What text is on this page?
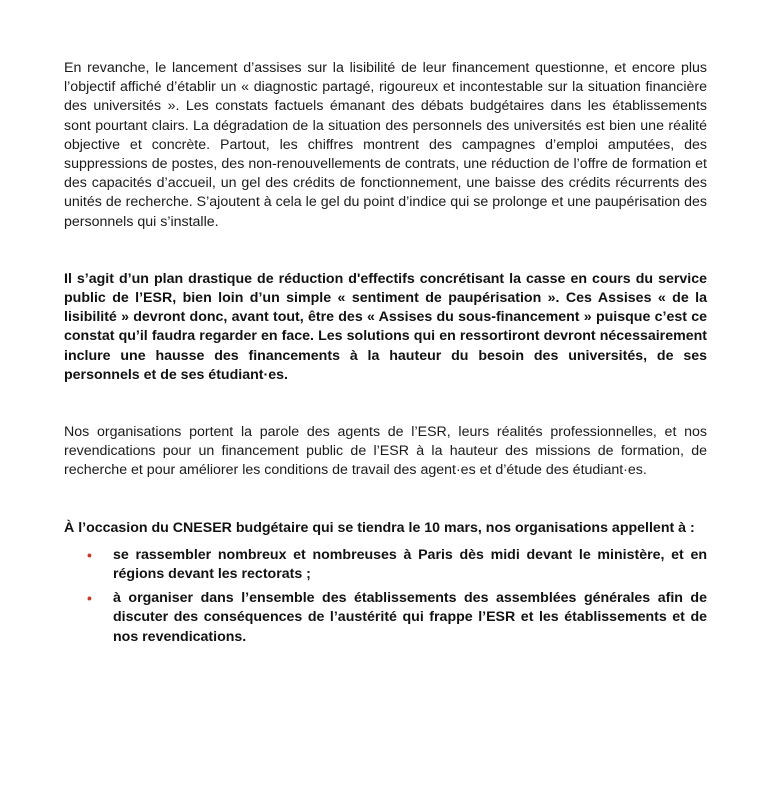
En revanche, le lancement d’assises sur la lisibilité de leur financement questionne, et encore plus l’objectif affiché d’établir un « diagnostic partagé, rigoureux et incontestable sur la situation financière des universités ». Les constats factuels émanant des débats budgétaires dans les établissements sont pourtant clairs. La dégradation de la situation des personnels des universités est bien une réalité objective et concrète. Partout, les chiffres montrent des campagnes d’emploi amputées, des suppressions de postes, des non-renouvellements de contrats, une réduction de l’offre de formation et des capacités d’accueil, un gel des crédits de fonctionnement, une baisse des crédits récurrents des unités de recherche. S’ajoutent à cela le gel du point d’indice qui se prolonge et une paupérisation des personnels qui s’installe.

Il s’agit d’un plan drastique de réduction d'effectifs concrétisant la casse en cours du service public de l’ESR, bien loin d’un simple « sentiment de paupérisation ». Ces Assises « de la lisibilité » devront donc, avant tout, être des « Assises du sous-financement » puisque c’est ce constat qu’il faudra regarder en face. Les solutions qui en ressortiront devront nécessairement inclure une hausse des financements à la hauteur du besoin des universités, de ses personnels et de ses étudiant·es.

Nos organisations portent la parole des agents de l’ESR, leurs réalités professionnelles, et nos revendications pour un financement public de l’ESR à la hauteur des missions de formation, de recherche et pour améliorer les conditions de travail des agent·es et d’étude des étudiant·es.

À l’occasion du CNESER budgétaire qui se tiendra le 10 mars, nos organisations appellent à :

• se rassembler nombreux et nombreuses à Paris dès midi devant le ministère, et en régions devant les rectorats ;
• à organiser dans l’ensemble des établissements des assemblées générales afin de discuter des conséquences de l’austérité qui frappe l’ESR et les établissements et de nos revendications.
